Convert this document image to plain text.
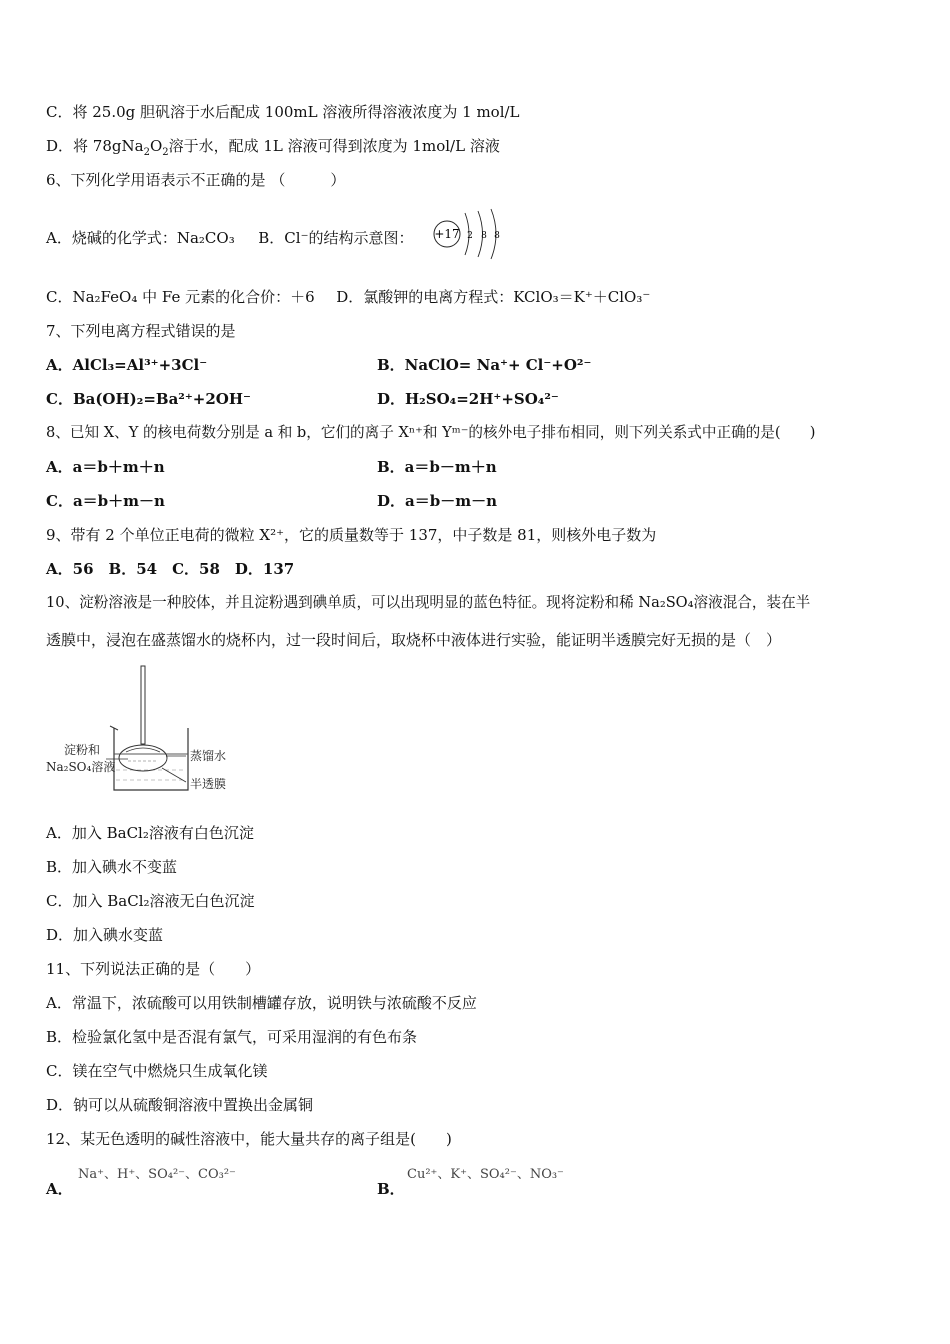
C．将 25.0g 胆矾溶于水后配成 100mL 溶液所得溶液浓度为 1 mol/L
D．将 $78gNa_2O_2$溶于水，配成 1L 溶液可得到浓度为 1mol/L 溶液
6、下列化学用语表示不正确的是 （　　　）
A．烧碱的化学式：Na₂CO₃ B．Cl⁻的结构示意图： +17 2 8 8
C．Na₂FeO₄ 中 Fe 元素的化合价：＋6 D．氯酸钾的电离方程式：KClO₃＝K⁺＋ClO₃⁻
7、下列电离方程式错误的是
A．AlCl₃=Al³⁺+3Cl⁻	B．NaClO= Na⁺+ Cl⁻+O²⁻
C．Ba(OH)₂=Ba²⁺+2OH⁻	D．H₂SO₄=2H⁺+SO₄²⁻
8、已知 X、Y 的核电荷数分别是 a 和 b，它们的离子 Xⁿ⁺和 Yᵐ⁻的核外电子排布相同，则下列关系式中正确的是(　　)
A．a＝b＋m＋n	B．a＝b－m＋n
C．a＝b＋m－n	D．a＝b－m－n
9、带有 2 个单位正电荷的微粒 X²⁺，它的质量数等于 137，中子数是 81，则核外电子数为
A．56　B．54　C．58　D．137
10、淀粉溶液是一种胶体，并且淀粉遇到碘单质，可以出现明显的蓝色特征。现将淀粉和稀 Na₂SO₄溶液混合，装在半
透膜中，浸泡在盛蒸馏水的烧杯内，过一段时间后，取烧杯中液体进行实验，能证明半透膜完好无损的是（　）
淀粉和
Na₂SO₄溶液
蒸馏水
半透膜
A．加入 BaCl₂溶液有白色沉淀
B．加入碘水不变蓝
C．加入 BaCl₂溶液无白色沉淀
D．加入碘水变蓝
11、下列说法正确的是（　　）
A．常温下，浓硫酸可以用铁制槽罐存放，说明铁与浓硫酸不反应
B．检验氯化氢中是否混有氯气，可采用湿润的有色布条
C．镁在空气中燃烧只生成氧化镁
D．钠可以从硫酸铜溶液中置换出金属铜
12、某无色透明的碱性溶液中，能大量共存的离子组是(　　)
A．
Na⁺、H⁺、SO₄²⁻、CO₃²⁻
B．
Cu²⁺、K⁺、SO₄²⁻、NO₃⁻
